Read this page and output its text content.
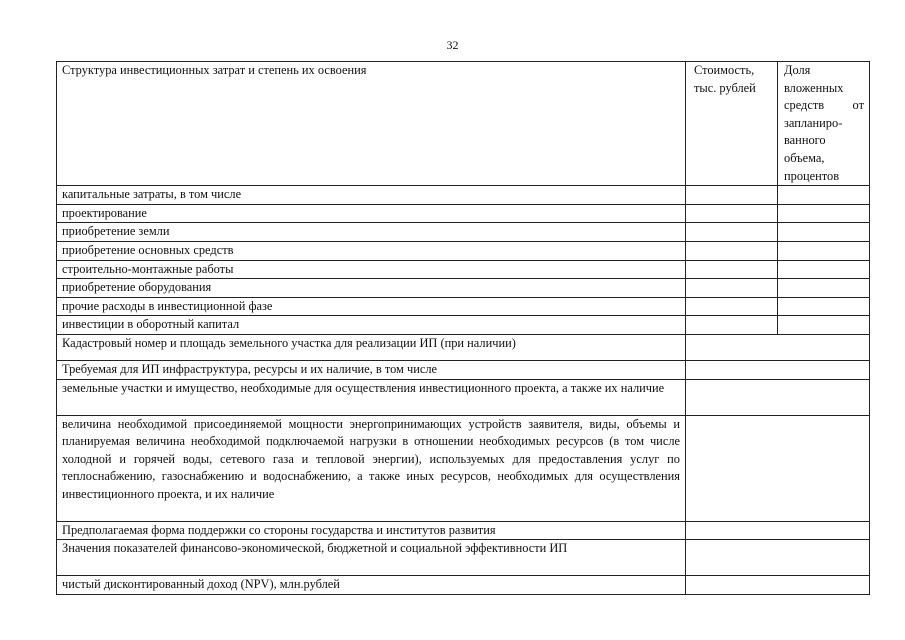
32
Структура инвестиционных затрат и степень их освоения	Стоимость, тыс. рублей	Доля вложенных средств от запланиро-ванного объема, процентов
капитальные затраты, в том числе		
проектирование		
приобретение земли		
приобретение основных средств		
строительно-монтажные работы		
приобретение оборудования		
прочие расходы в инвестиционной фазе		
инвестиции в оборотный капитал		
Кадастровый номер и площадь земельного участка для реализации ИП (при наличии)		
Требуемая для ИП инфраструктура, ресурсы и их наличие, в том числе		
земельные участки и имущество, необходимые для осуществления инвестиционного проекта, а также их наличие		
величина необходимой присоединяемой мощности энергопринимающих устройств заявителя, виды, объемы и планируемая величина необходимой подключаемой нагрузки в отношении необходимых ресурсов (в том числе холодной и горячей воды, сетевого газа и тепловой энергии), используемых для предоставления услуг по теплоснабжению, газоснабжению и водоснабжению, а также иных ресурсов, необходимых для осуществления инвестиционного проекта, и их наличие		
Предполагаемая форма поддержки со стороны государства и институтов развития		
Значения показателей финансово-экономической, бюджетной и социальной эффективности ИП		
чистый дисконтированный доход (NPV), млн.рублей		
